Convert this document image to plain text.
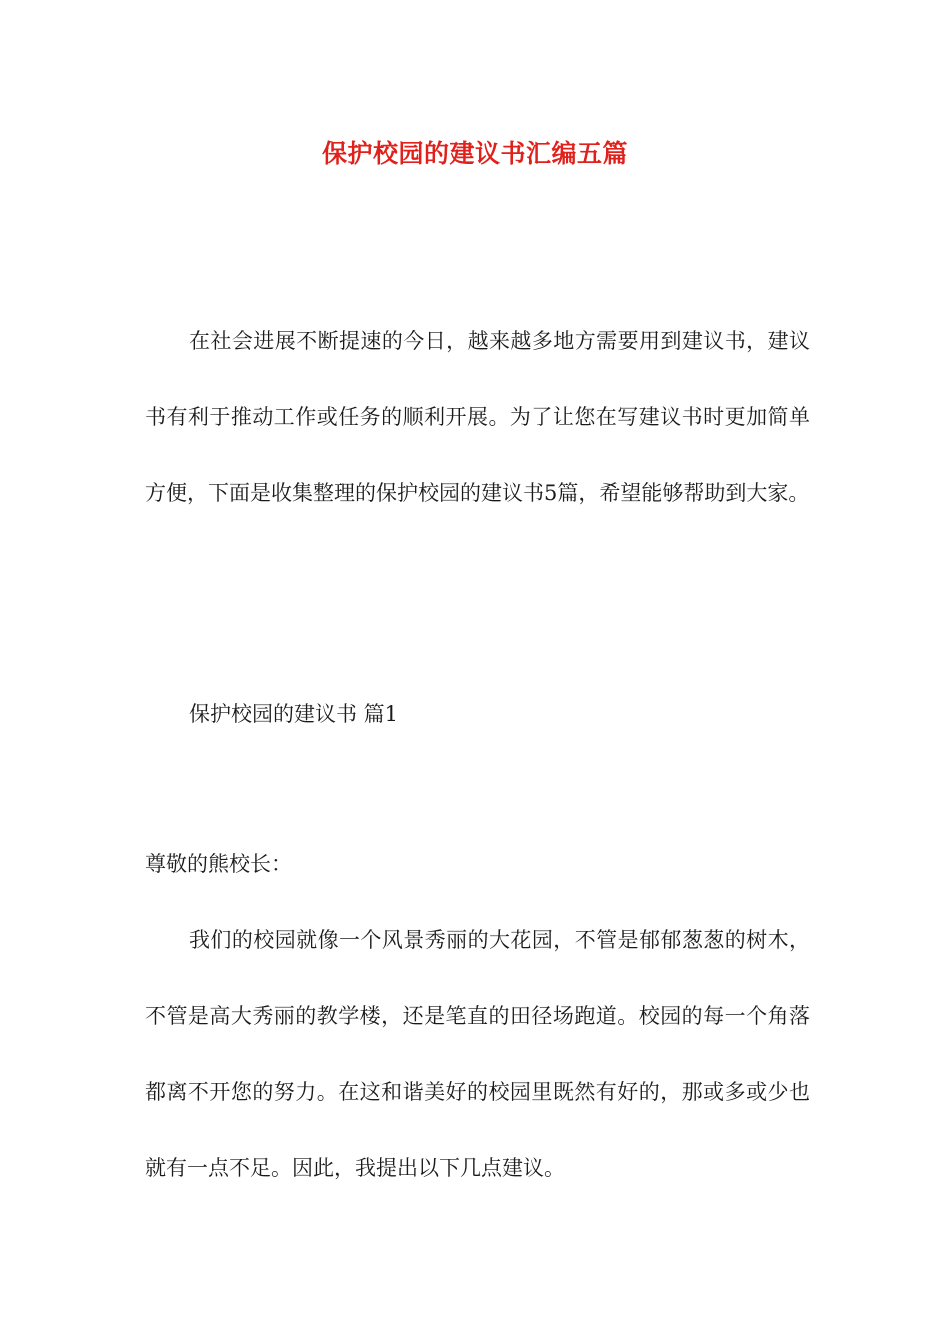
保护校园的建议书汇编五篇

在社会进展不断提速的今日，越来越多地方需要用到建议书，建议书有利于推动工作或任务的顺利开展。为了让您在写建议书时更加简单方便，下面是收集整理的保护校园的建议书5篇，希望能够帮助到大家。

保护校园的建议书 篇1

尊敬的熊校长：

我们的校园就像一个风景秀丽的大花园，不管是郁郁葱葱的树木，不管是高大秀丽的教学楼，还是笔直的田径场跑道。校园的每一个角落都离不开您的努力。在这和谐美好的校园里既然有好的，那或多或少也就有一点不足。因此，我提出以下几点建议。
